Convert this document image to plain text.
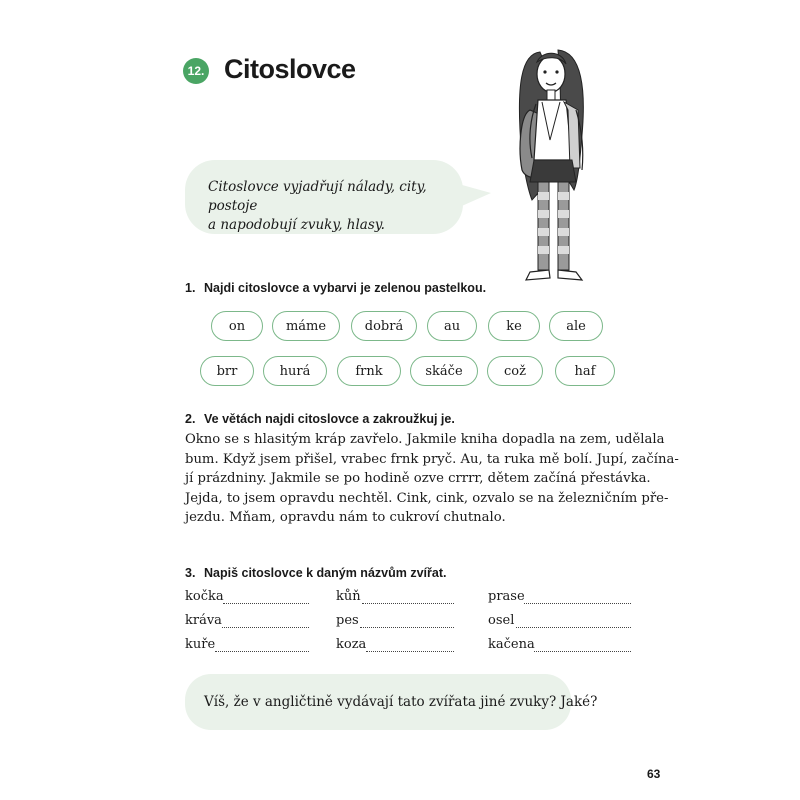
12. Citoslovce
Citoslovce vyjadřují nálady, city, postoje
a napodobují zvuky, hlasy.
1. Najdi citoslovce a vybarvi je zelenou pastelkou.
on	máme	dobrá	au	ke	ale
brr	hurá	frnk	skáče	což	haf
2. Ve větách najdi citoslovce a zakroužkuj je.
Okno se s hlasitým kráp zavřelo. Jakmile kniha dopadla na zem, udělala
bum. Když jsem přišel, vrabec frnk pryč. Au, ta ruka mě bolí. Jupí, začína-
jí prázdniny. Jakmile se po hodině ozve crrrr, dětem začíná přestávka.
Jejda, to jsem opravdu nechtěl. Cink, cink, ozvalo se na železničním pře-
jezdu. Mňam, opravdu nám to cukroví chutnalo.
3. Napiš citoslovce k daným názvům zvířat.
kočka	kůň	prase
kráva	pes	osel
kuře	koza	kačena
Víš, že v angličtině vydávají tato zvířata jiné zvuky? Jaké?
63
